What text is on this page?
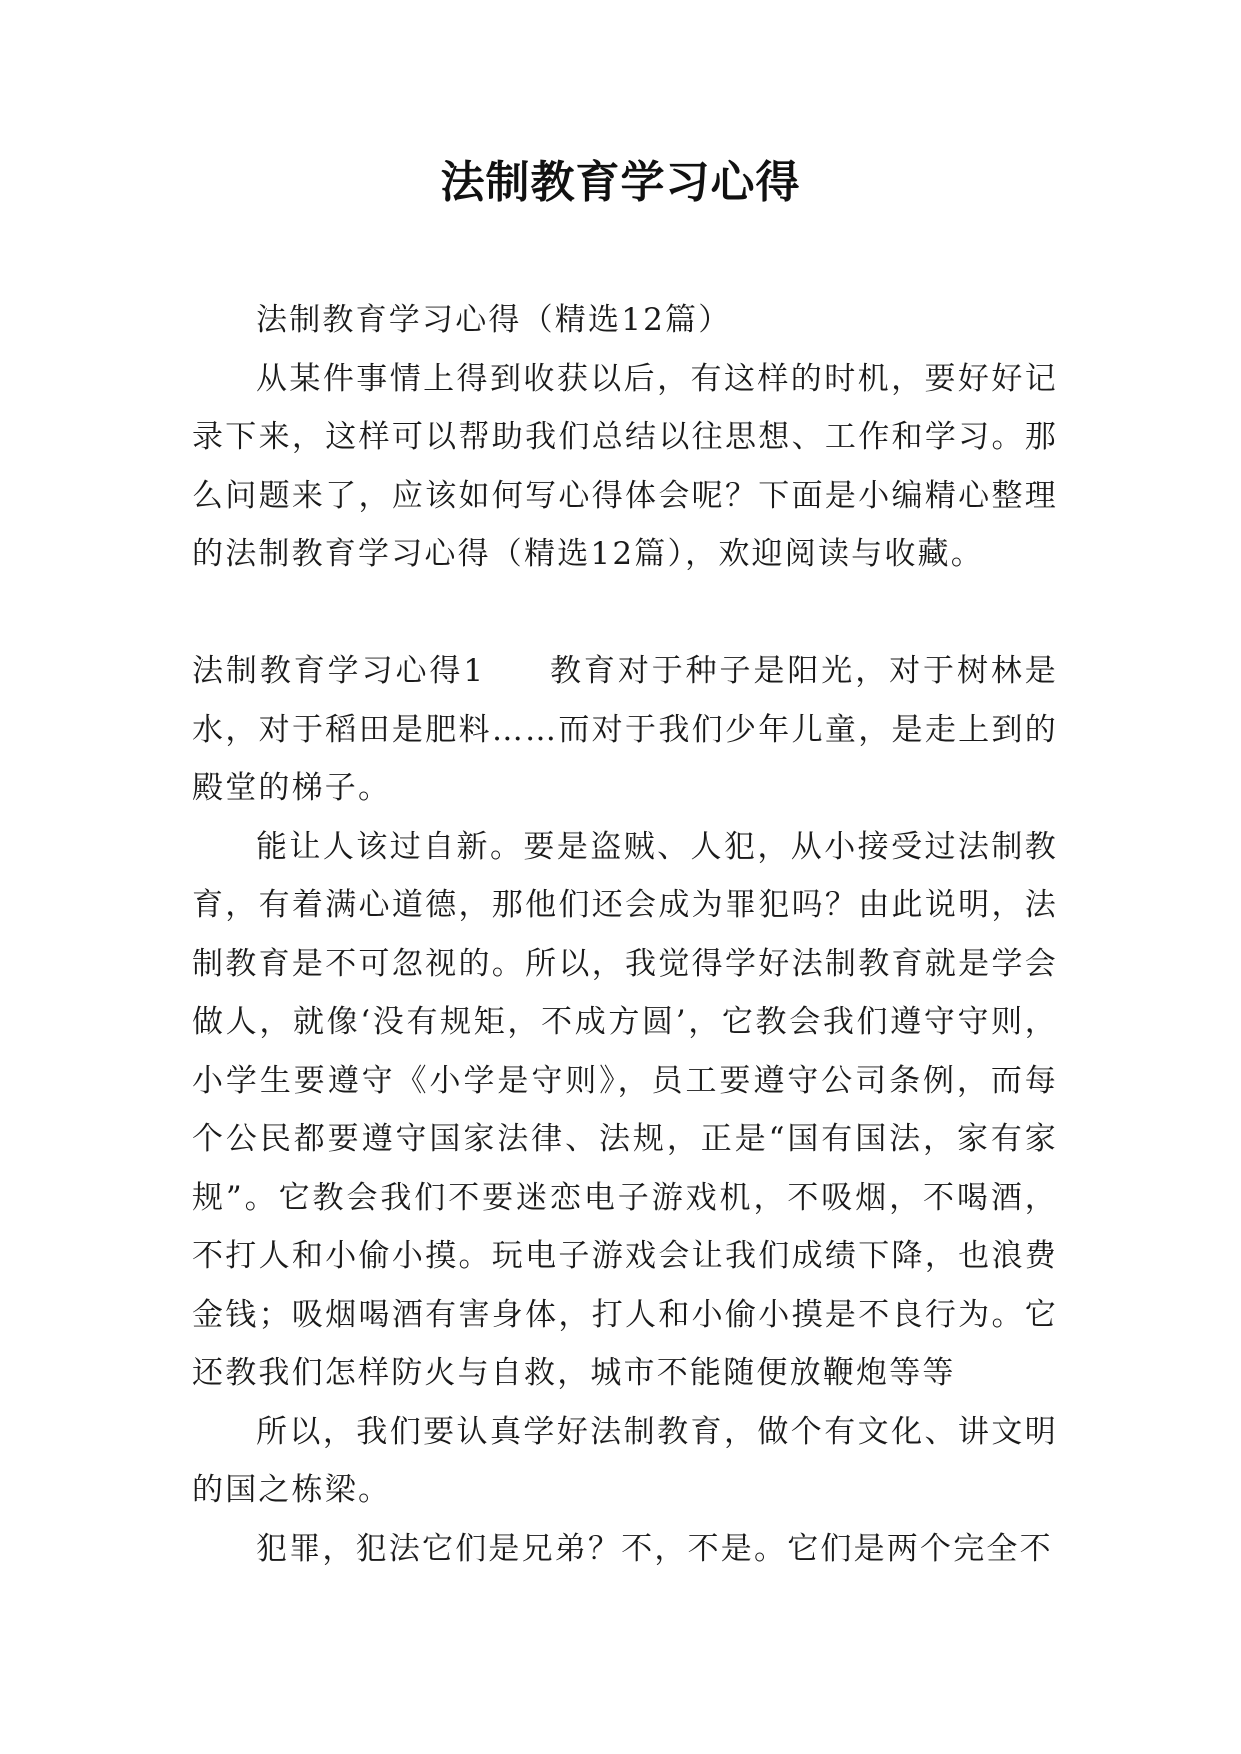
法制教育学习心得

法制教育学习心得（精选12篇）

从某件事情上得到收获以后，有这样的时机，要好好记录下来，这样可以帮助我们总结以往思想、工作和学习。那么问题来了，应该如何写心得体会呢？下面是小编精心整理的法制教育学习心得（精选12篇），欢迎阅读与收藏。

法制教育学习心得1 教育对于种子是阳光，对于树林是水，对于稻田是肥料……而对于我们少年儿童，是走上到的殿堂的梯子。

能让人该过自新。要是盗贼、人犯，从小接受过法制教育，有着满心道德，那他们还会成为罪犯吗？由此说明，法制教育是不可忽视的。所以，我觉得学好法制教育就是学会做人，就像‘没有规矩，不成方圆’，它教会我们遵守守则，小学生要遵守《小学是守则》，员工要遵守公司条例，而每个公民都要遵守国家法律、法规，正是“国有国法，家有家规”。它教会我们不要迷恋电子游戏机，不吸烟，不喝酒，不打人和小偷小摸。玩电子游戏会让我们成绩下降，也浪费金钱；吸烟喝酒有害身体，打人和小偷小摸是不良行为。它还教我们怎样防火与自救，城市不能随便放鞭炮等等

所以，我们要认真学好法制教育，做个有文化、讲文明的国之栋梁。

犯罪，犯法它们是兄弟？不，不是。它们是两个完全不
